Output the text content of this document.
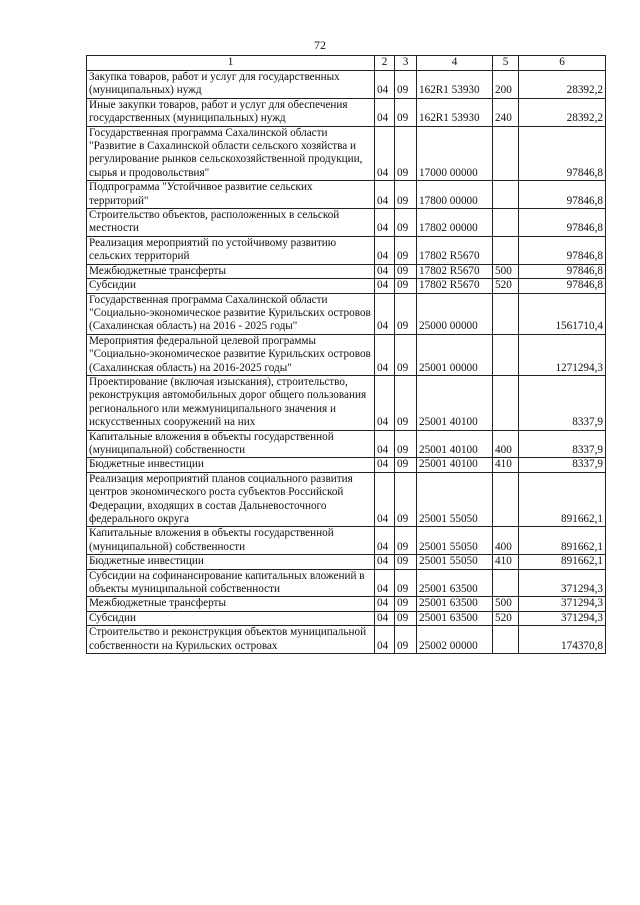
72
1	2	3	4	5	6
Закупка товаров, работ и услуг для государственных (муниципальных) нужд	04	09	162R1 53930	200	28392,2
Иные закупки товаров, работ и услуг для обеспечения государственных (муниципальных) нужд	04	09	162R1 53930	240	28392,2
Государственная программа Сахалинской области "Развитие в Сахалинской области сельского хозяйства и регулирование рынков сельскохозяйственной продукции, сырья и продовольствия"	04	09	17000 00000		97846,8
Подпрограмма "Устойчивое развитие сельских территорий"	04	09	17800 00000		97846,8
Строительство объектов, расположенных в сельской местности	04	09	17802 00000		97846,8
Реализация мероприятий по устойчивому развитию сельских территорий	04	09	17802 R5670		97846,8
Межбюджетные трансферты	04	09	17802 R5670	500	97846,8
Субсидии	04	09	17802 R5670	520	97846,8
Государственная программа Сахалинской области "Социально-экономическое развитие Курильских островов (Сахалинская область) на 2016 - 2025 годы"	04	09	25000 00000		1561710,4
Мероприятия федеральной целевой программы "Социально-экономическое развитие Курильских островов (Сахалинская область) на 2016-2025 годы"	04	09	25001 00000		1271294,3
Проектирование (включая изыскания), строительство, реконструкция автомобильных дорог общего пользования регионального или межмуниципального значения и искусственных сооружений на них	04	09	25001 40100		8337,9
Капитальные вложения в объекты государственной (муниципальной) собственности	04	09	25001 40100	400	8337,9
Бюджетные инвестиции	04	09	25001 40100	410	8337,9
Реализация мероприятий планов социального развития центров экономического роста субъектов Российской Федерации, входящих в состав Дальневосточного федерального округа	04	09	25001 55050		891662,1
Капитальные вложения в объекты государственной (муниципальной) собственности	04	09	25001 55050	400	891662,1
Бюджетные инвестиции	04	09	25001 55050	410	891662,1
Субсидии на софинансирование капитальных вложений в объекты муниципальной собственности	04	09	25001 63500		371294,3
Межбюджетные трансферты	04	09	25001 63500	500	371294,3
Субсидии	04	09	25001 63500	520	371294,3
Строительство и реконструкция объектов муниципальной собственности на Курильских островах	04	09	25002 00000		174370,8
